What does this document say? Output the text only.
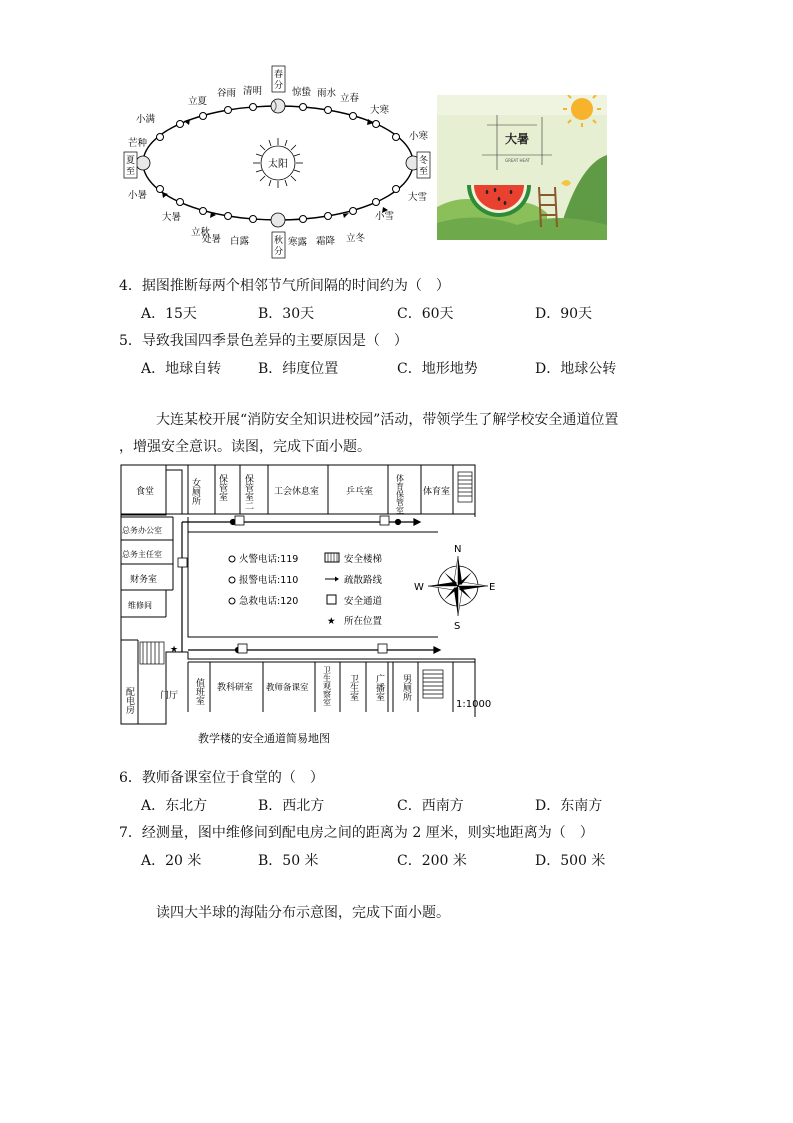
太阳
春
分
冬
至
秋
分
夏
至
惊蛰 雨水 立春
大寒
小寒
大雪
小雪
立冬
霜降
寒露
白露
处暑
立秋
大暑
小暑
芒种
小满
立夏
谷雨 清明
大暑
GREAT HEAT
4．据图推断每两个相邻节气所间隔的时间约为（　）
A．15天	B．30天	C．60天	D．90天
5．导致我国四季景色差异的主要原因是（　）
A．地球自转	B．纬度位置	C．地形地势	D．地球公转
大连某校开展“消防安全知识进校园”活动，带领学生了解学校安全通道位置
，增强安全意识。读图，完成下面小题。
★
食堂	女厕所 保管室 保管室二 工会休息室	乒乓室	体育保管室 体育室
总务办公室
总务主任室
财务室
维修间
配电房	门厅 值班室 教科研室 教师备课室 卫生观察室 卫生室 广播室 男厕所
火警电话:119
报警电话:110
急救电话:120
安全楼梯
疏散路线
安全通道
★ 所在位置
N
S
E
W
1:1000
教学楼的安全通道简易地图
6．教师备课室位于食堂的（　）
A．东北方	B．西北方	C．西南方	D．东南方
7．经测量，图中维修间到配电房之间的距离为 2 厘米，则实地距离为（　）
A．20 米	B．50 米	C．200 米	D．500 米
读四大半球的海陆分布示意图，完成下面小题。
